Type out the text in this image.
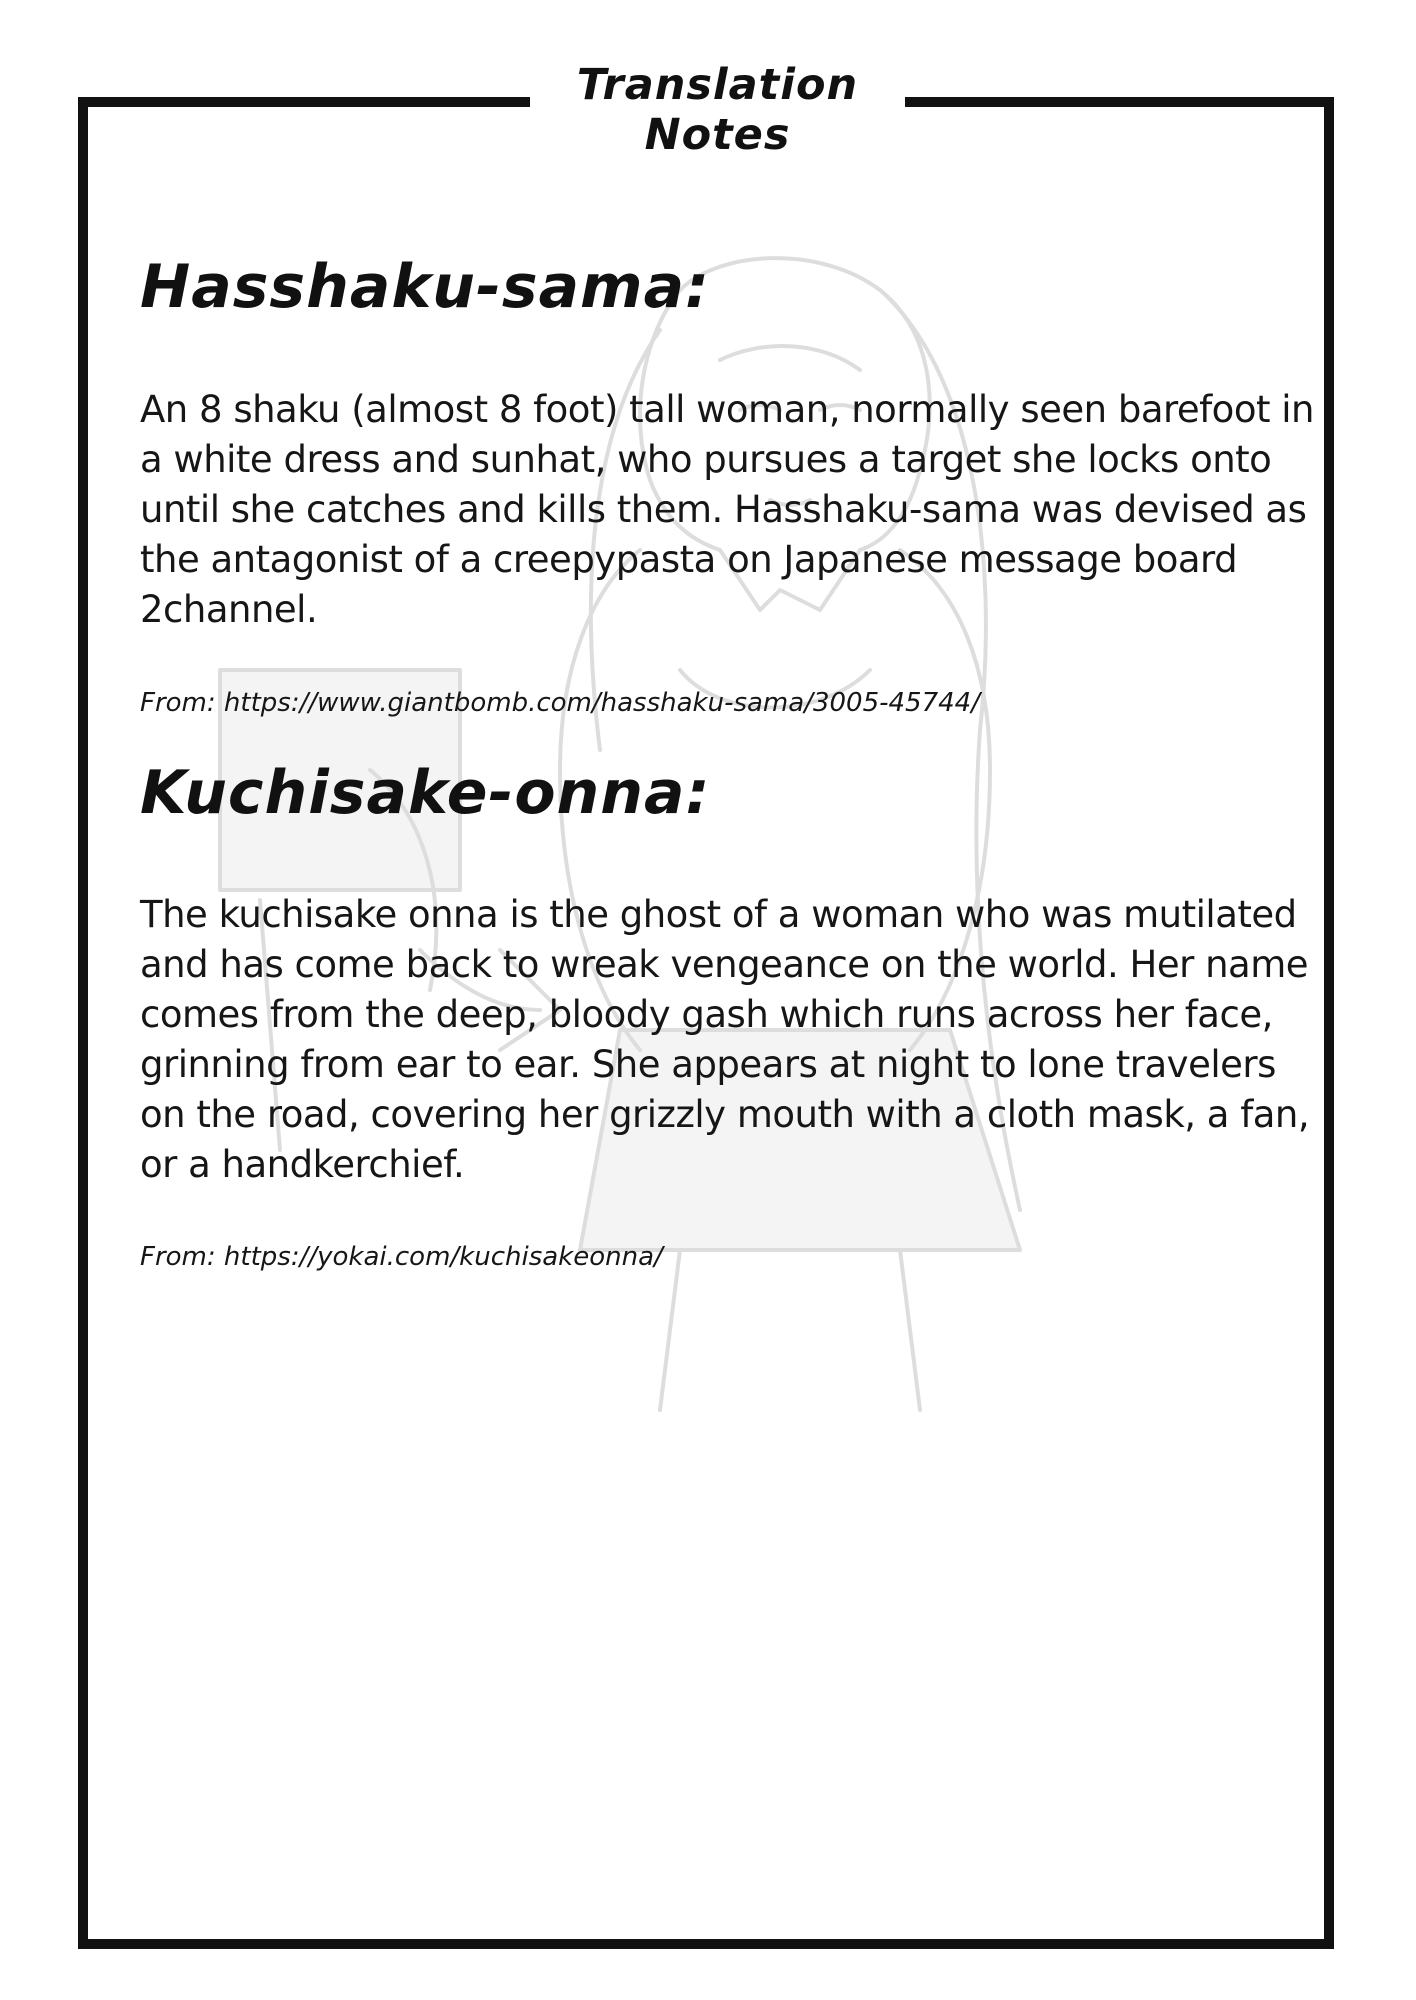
Translation
Notes
Hasshaku-sama:
An 8 shaku (almost 8 foot) tall woman, normally seen barefoot in a white dress and sunhat, who pursues a target she locks onto until she catches and kills them. Hasshaku-sama was devised as the antagonist of a creepypasta on Japanese message board 2channel.
From: https://www.giantbomb.com/hasshaku-sama/3005-45744/
Kuchisake-onna:
The kuchisake onna is the ghost of a woman who was mutilated and has come back to wreak vengeance on the world. Her name comes from the deep, bloody gash which runs across her face, grinning from ear to ear. She appears at night to lone travelers on the road, covering her grizzly mouth with a cloth mask, a fan, or a handkerchief.
From: https://yokai.com/kuchisakeonna/
